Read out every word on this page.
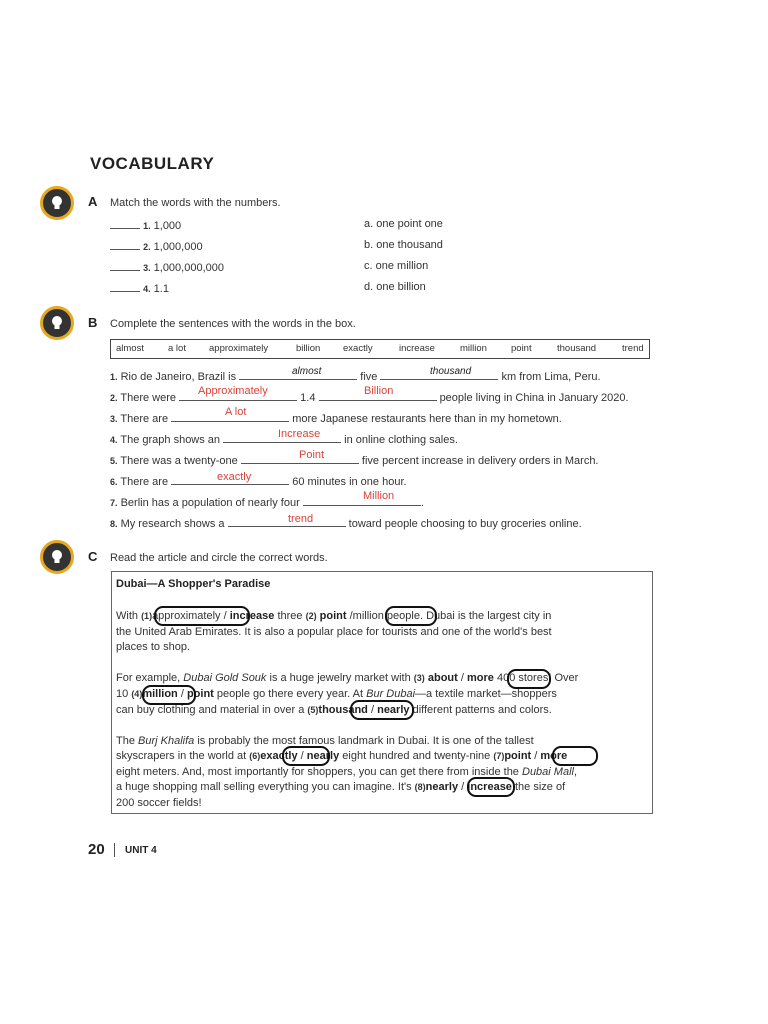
VOCABULARY
A Match the words with the numbers.
1. 1,000
2. 1,000,000
3. 1,000,000,000
4. 1.1
a. one point one
b. one thousand
c. one million
d. one billion
B Complete the sentences with the words in the box.
almost	a lot approximately	billion exactly	increase	million	point	thousand	trend
1. Rio de Janeiro, Brazil is	five	km from Lima, Peru.
almost	thousand
2. There were	1.4	people living in China in January 2020.
Approximately	Billion
3. There are	more Japanese restaurants here than in my hometown.
A lot
4. The graph shows an	in online clothing sales.
Increase
5. There was a twenty-one	five percent increase in delivery orders in March.
Point
6. There are	60 minutes in one hour.
exactly
7. Berlin has a population of nearly four	.
Million
8. My research shows a	toward people choosing to buy groceries online.
trend
C Read the article and circle the correct words.
Dubai—A Shopper's Paradise
With (1)approximately / increase three (2) point /million people. Dubai is the largest city in
the United Arab Emirates. It is also a popular place for tourists and one of the world's best
places to shop.
For example, Dubai Gold Souk is a huge jewelry market with (3) about / more 400 stores! Over
10 (4)million / point people go there every year. At Bur Dubai—a textile market—shoppers
can buy clothing and material in over a (5)thousand / nearly different patterns and colors.
The Burj Khalifa is probably the most famous landmark in Dubai. It is one of the tallest
skyscrapers in the world at (6)exactly / nearly eight hundred and twenty-nine (7)point / more
eight meters. And, most importantly for shoppers, you can get there from inside the Dubai Mall,
a huge shopping mall selling everything you can imagine. It's (8)nearly / increase the size of
200 soccer fields!
20 UNIT 4
